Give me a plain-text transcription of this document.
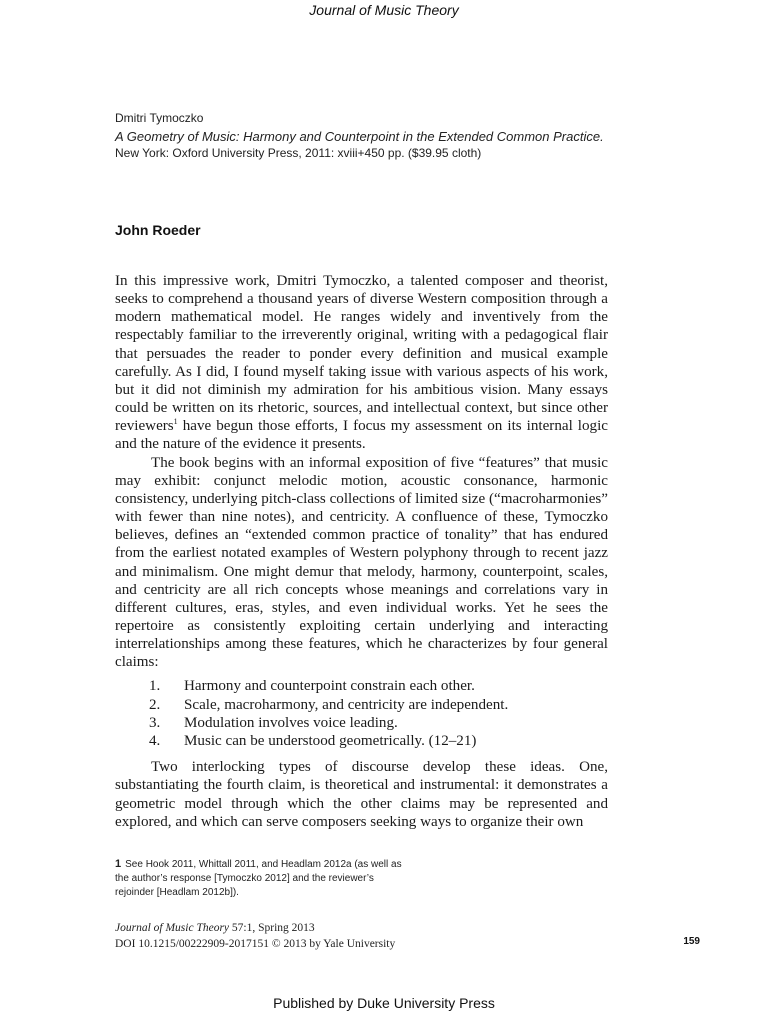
Journal of Music Theory
Dmitri Tymoczko
A Geometry of Music: Harmony and Counterpoint in the Extended Common Practice.
New York: Oxford University Press, 2011: xviii+450 pp. ($39.95 cloth)
John Roeder

In this impressive work, Dmitri Tymoczko, a talented composer and theorist, seeks to comprehend a thousand years of diverse Western composition through a modern mathematical model. He ranges widely and inventively from the respectably familiar to the irreverently original, writing with a pedagogical flair that persuades the reader to ponder every definition and musical example carefully. As I did, I found myself taking issue with various aspects of his work, but it did not diminish my admiration for his ambitious vision. Many essays could be written on its rhetoric, sources, and intellectual context, but since other reviewers$^1$ have begun those efforts, I focus my assessment on its internal logic and the nature of the evidence it presents.

The book begins with an informal exposition of five “features” that music may exhibit: conjunct melodic motion, acoustic consonance, harmonic consistency, underlying pitch-class collections of limited size (“macroharmonies” with fewer than nine notes), and centricity. A confluence of these, Tymoczko believes, defines an “extended common practice of tonality” that has endured from the earliest notated examples of Western polyphony through to recent jazz and minimalism. One might demur that melody, harmony, counterpoint, scales, and centricity are all rich concepts whose meanings and correlations vary in different cultures, eras, styles, and even individual works. Yet he sees the repertoire as consistently exploiting certain underlying and interacting interrelationships among these features, which he characterizes by four general claims:

1.	Harmony and counterpoint constrain each other.
2.	Scale, macroharmony, and centricity are independent.
3.	Modulation involves voice leading.
4.	Music can be understood geometrically. (12–21)

Two interlocking types of discourse develop these ideas. One, substantiating the fourth claim, is theoretical and instrumental: it demonstrates a geometric model through which the other claims may be represented and explored, and which can serve composers seeking ways to organize their own

1 See Hook 2011, Whittall 2011, and Headlam 2012a (as well as the author’s response [Tymoczko 2012] and the reviewer’s rejoinder [Headlam 2012b]).
Journal of Music Theory 57:1, Spring 2013
DOI 10.1215/00222909-2017151 © 2013 by Yale University	159
Published by Duke University Press
